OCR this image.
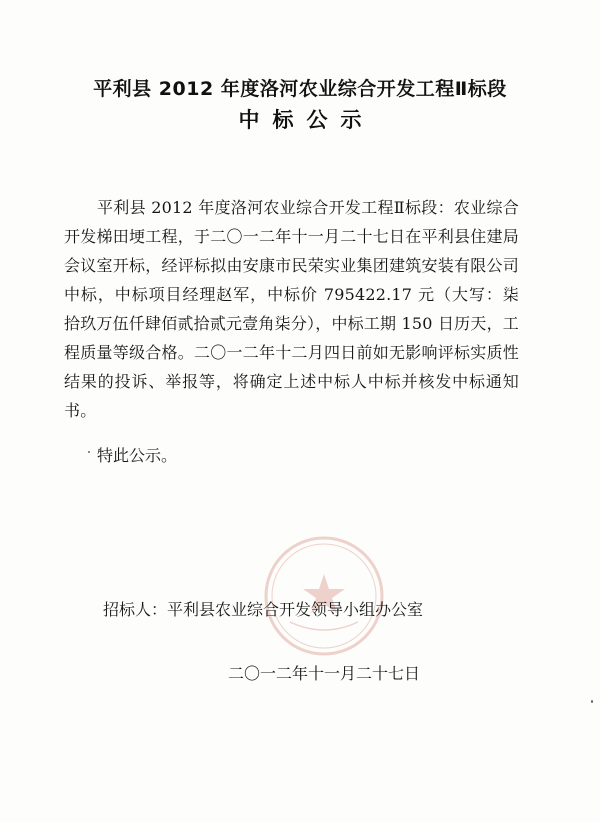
平利县 2012 年度洛河农业综合开发工程Ⅱ标段
中标公示
平利县 2012 年度洛河农业综合开发工程Ⅱ标段：农业综合开发梯田埂工程，于二〇一二年十一月二十七日在平利县住建局会议室开标，经评标拟由安康市民荣实业集团建筑安装有限公司中标，中标项目经理赵军，中标价 795422.17 元（大写：柒拾玖万伍仟肆佰贰拾贰元壹角柒分），中标工期 150 日历天，工程质量等级合格。二〇一二年十二月四日前如无影响评标实质性结果的投诉、举报等，将确定上述中标人中标并核发中标通知书。
特此公示。
招标人：平利县农业综合开发领导小组办公室
二〇一二年十一月二十七日
